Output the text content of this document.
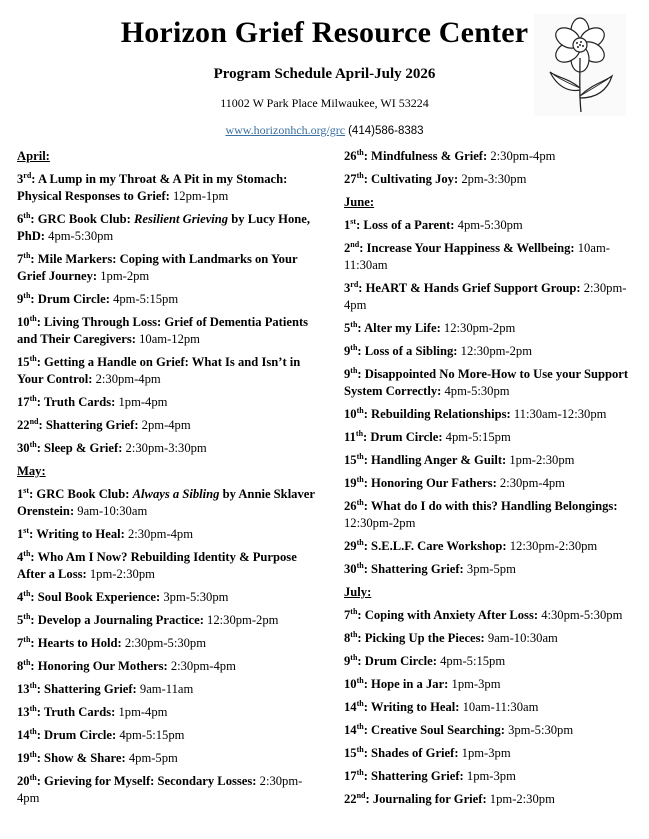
Horizon Grief Resource Center
Program Schedule April-July 2026
11002 W Park Place Milwaukee, WI 53224
www.horizonhch.org/grc (414)586-8383
April:
3rd: A Lump in my Throat & A Pit in my Stomach: Physical Responses to Grief: 12pm-1pm
6th: GRC Book Club: Resilient Grieving by Lucy Hone, PhD: 4pm-5:30pm
7th: Mile Markers: Coping with Landmarks on Your Grief Journey: 1pm-2pm
9th: Drum Circle: 4pm-5:15pm
10th: Living Through Loss: Grief of Dementia Patients and Their Caregivers: 10am-12pm
15th: Getting a Handle on Grief: What Is and Isn’t in Your Control: 2:30pm-4pm
17th: Truth Cards: 1pm-4pm
22nd: Shattering Grief: 2pm-4pm
30th: Sleep & Grief: 2:30pm-3:30pm
May:
1st: GRC Book Club: Always a Sibling by Annie Sklaver Orenstein: 9am-10:30am
1st: Writing to Heal: 2:30pm-4pm
4th: Who Am I Now? Rebuilding Identity & Purpose After a Loss: 1pm-2:30pm
4th: Soul Book Experience: 3pm-5:30pm
5th: Develop a Journaling Practice: 12:30pm-2pm
7th: Hearts to Hold: 2:30pm-5:30pm
8th: Honoring Our Mothers: 2:30pm-4pm
13th: Shattering Grief: 9am-11am
13th: Truth Cards: 1pm-4pm
14th: Drum Circle: 4pm-5:15pm
19th: Show & Share: 4pm-5pm
20th: Grieving for Myself: Secondary Losses: 2:30pm-4pm
26th: Mindfulness & Grief: 2:30pm-4pm
27th: Cultivating Joy: 2pm-3:30pm
June:
1st: Loss of a Parent: 4pm-5:30pm
2nd: Increase Your Happiness & Wellbeing: 10am-11:30am
3rd: HeART & Hands Grief Support Group: 2:30pm-4pm
5th: Alter my Life: 12:30pm-2pm
9th: Loss of a Sibling: 12:30pm-2pm
9th: Disappointed No More-How to Use your Support System Correctly: 4pm-5:30pm
10th: Rebuilding Relationships: 11:30am-12:30pm
11th: Drum Circle: 4pm-5:15pm
15th: Handling Anger & Guilt: 1pm-2:30pm
19th: Honoring Our Fathers: 2:30pm-4pm
26th: What do I do with this? Handling Belongings: 12:30pm-2pm
29th: S.E.L.F. Care Workshop: 12:30pm-2:30pm
30th: Shattering Grief: 3pm-5pm
July:
7th: Coping with Anxiety After Loss: 4:30pm-5:30pm
8th: Picking Up the Pieces: 9am-10:30am
9th: Drum Circle: 4pm-5:15pm
10th: Hope in a Jar: 1pm-3pm
14th: Writing to Heal: 10am-11:30am
14th: Creative Soul Searching: 3pm-5:30pm
15th: Shades of Grief: 1pm-3pm
17th: Shattering Grief: 1pm-3pm
22nd: Journaling for Grief: 1pm-2:30pm
